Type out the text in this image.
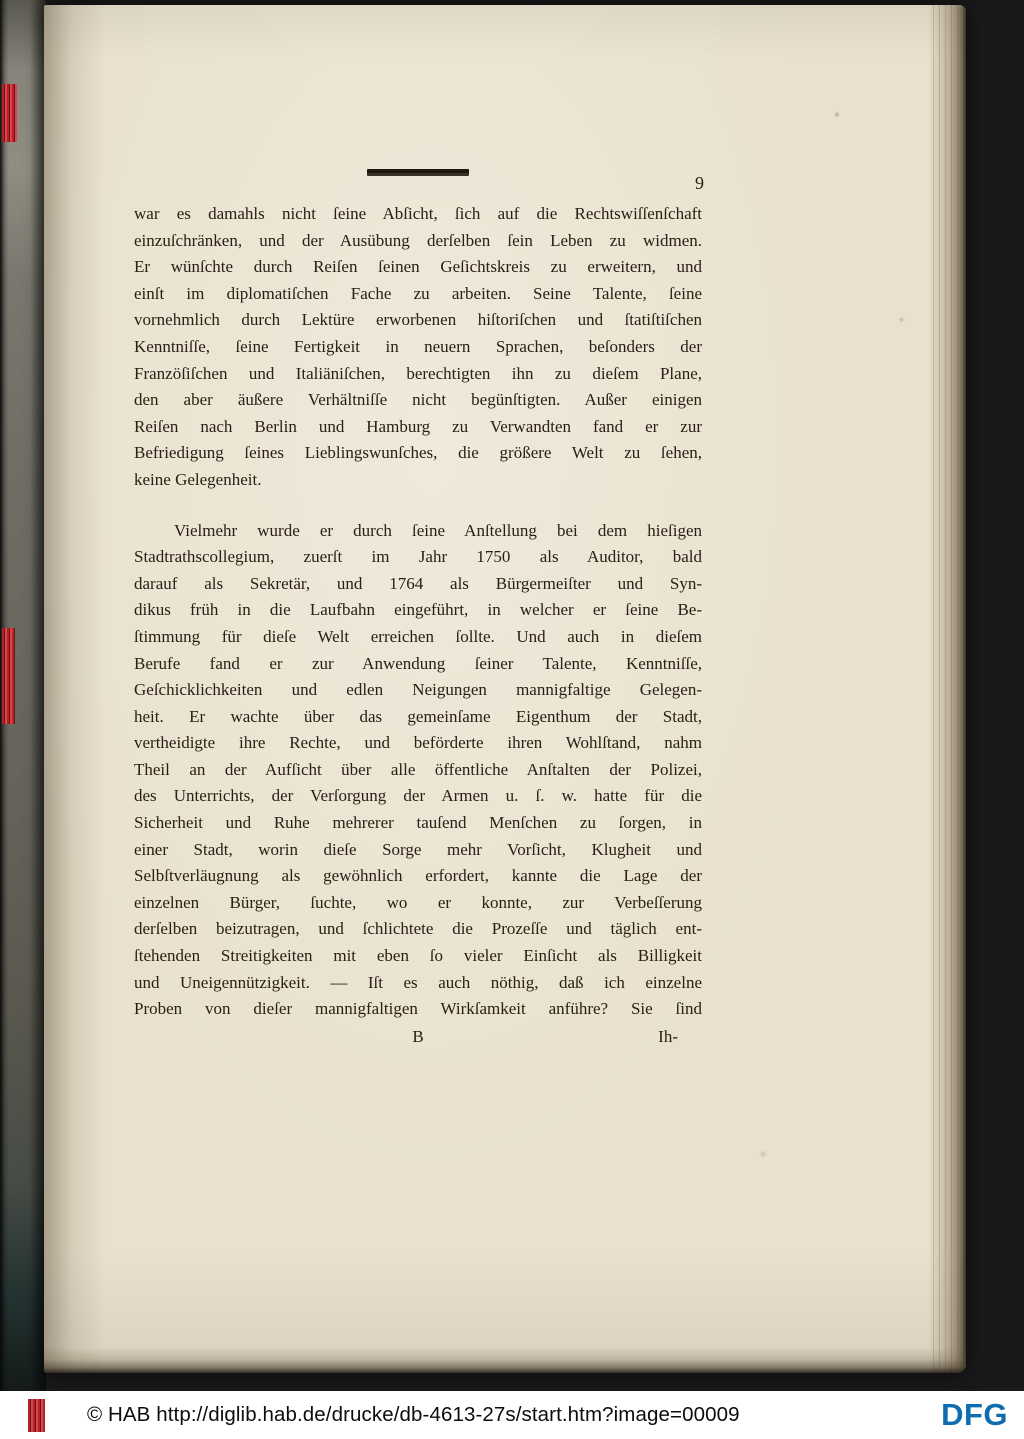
9
war es damahls nicht ſeine Abſicht, ſich auf die Rechtswiſſenſchaft
einzuſchränken, und der Ausübung derſelben ſein Leben zu widmen.
Er wünſchte durch Reiſen ſeinen Geſichtskreis zu erweitern, und
einſt im diplomatiſchen Fache zu arbeiten. Seine Talente, ſeine
vornehmlich durch Lektüre erworbenen hiſtoriſchen und ſtatiſtiſchen
Kenntniſſe, ſeine Fertigkeit in neuern Sprachen, beſonders der
Franzöſiſchen und Italiäniſchen, berechtigten ihn zu dieſem Plane,
den aber äußere Verhältniſſe nicht begünſtigten. Außer einigen
Reiſen nach Berlin und Hamburg zu Verwandten fand er zur
Befriedigung ſeines Lieblingswunſches, die größere Welt zu ſehen,
keine Gelegenheit.
Vielmehr wurde er durch ſeine Anſtellung bei dem hieſigen
Stadtrathscollegium, zuerſt im Jahr 1750 als Auditor, bald
darauf als Sekretär, und 1764 als Bürgermeiſter und Syn-
dikus früh in die Laufbahn eingeführt, in welcher er ſeine Be-
ſtimmung für dieſe Welt erreichen ſollte. Und auch in dieſem
Berufe fand er zur Anwendung ſeiner Talente, Kenntniſſe,
Geſchicklichkeiten und edlen Neigungen mannigfaltige Gelegen-
heit. Er wachte über das gemeinſame Eigenthum der Stadt,
vertheidigte ihre Rechte, und beförderte ihren Wohlſtand, nahm
Theil an der Aufſicht über alle öffentliche Anſtalten der Polizei,
des Unterrichts, der Verſorgung der Armen u. ſ. w. hatte für die
Sicherheit und Ruhe mehrerer tauſend Menſchen zu ſorgen, in
einer Stadt, worin dieſe Sorge mehr Vorſicht, Klugheit und
Selbſtverläugnung als gewöhnlich erfordert, kannte die Lage der
einzelnen Bürger, ſuchte, wo er konnte, zur Verbeſſerung
derſelben beizutragen, und ſchlichtete die Prozeſſe und täglich ent-
ſtehenden Streitigkeiten mit eben ſo vieler Einſicht als Billigkeit
und Uneigennützigkeit. — Iſt es auch nöthig, daß ich einzelne
Proben von dieſer mannigfaltigen Wirkſamkeit anführe? Sie ſind
B	Ih-
© HAB http://diglib.hab.de/drucke/db-4613-27s/start.htm?image=00009	DFG
